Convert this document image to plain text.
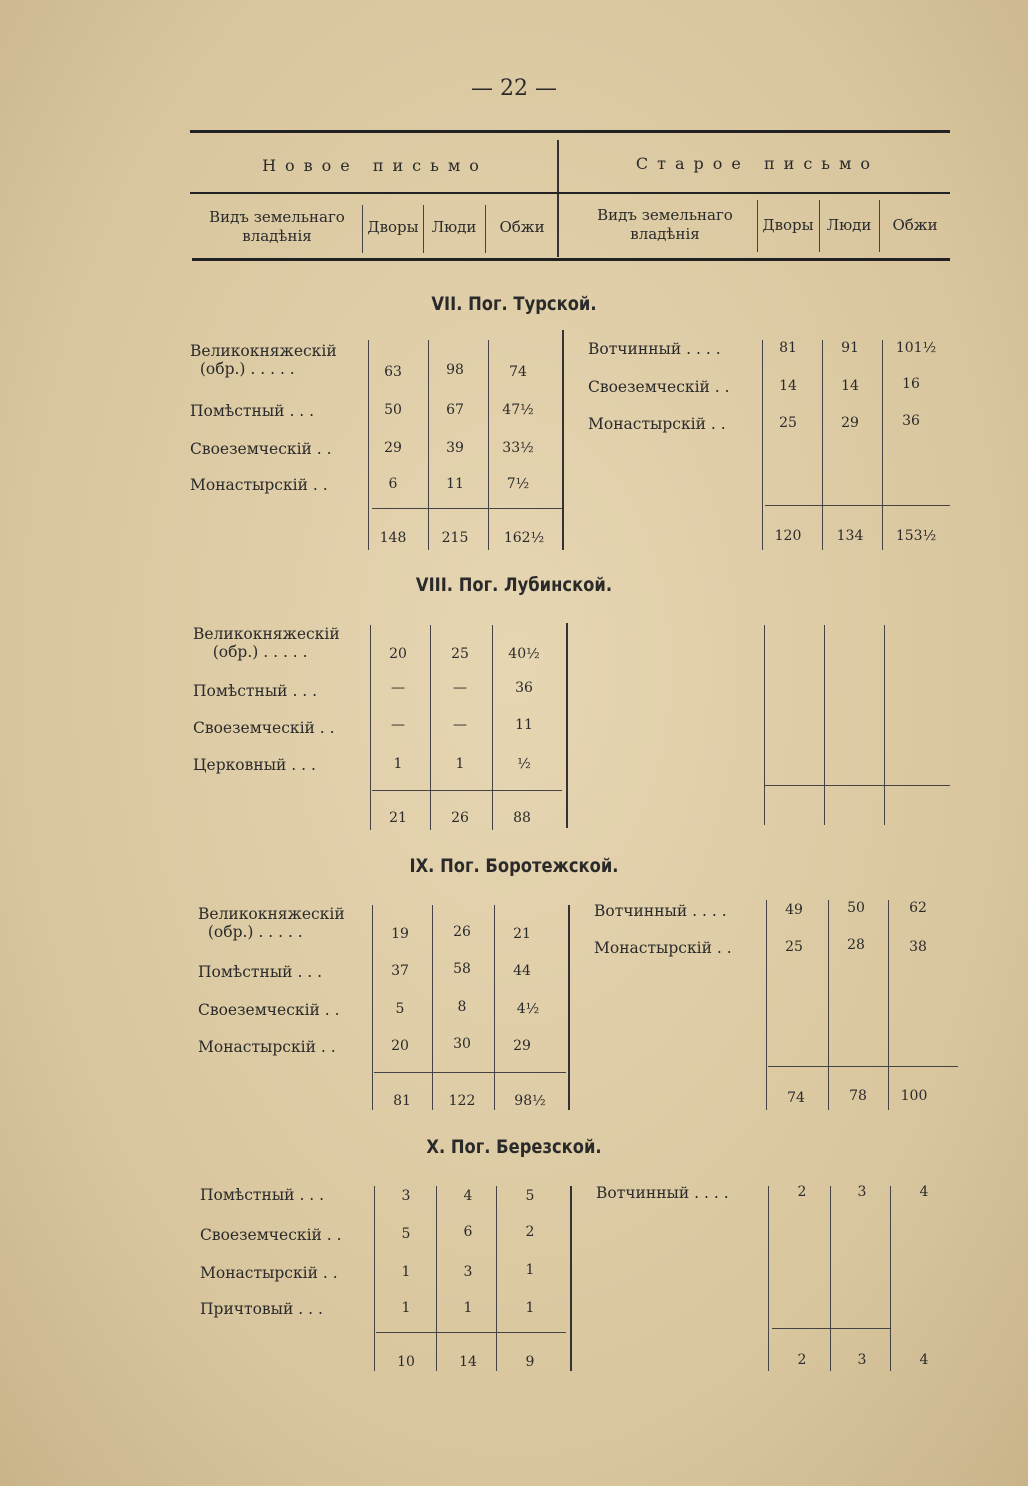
— 22 —
Новое письмо	Старое письмо
Видъ земельнаго владѣнія	Дворы Люди	Обжи
Видъ земельнаго владѣнія	Дворы Люди	Обжи
VII. Пог. Турской.
Великокняжескій
(обр.) . . . . .	63	98	74
Помѣстный . . .	50	67	47½
Своеземческій . .	29	39	33½
Монастырскій . .	6	11	7½
148	215	162½
Вотчинный . . . .	81	91	101½
Своеземческій . .	14	14	16
Монастырскій . .	25	29	36
120	134	153½
VIII. Пог. Лубинской.
Великокняжескій
(обр.) . . . . .	20	25	40½
Помѣстный . . .	—	—	36
Своеземческій . .	—	—	11
Церковный . . .	1	1	½
21	26	88
IX. Пог. Боротежской.
Великокняжескій
(обр.) . . . . .	19	26	21
Помѣстный . . .	37	58	44
Своеземческій . .	5	8	4½
Монастырскій . .	20	30	29
81	122	98½
Вотчинный . . . .	49	50	62
Монастырскій . .	25	28	38
74	78	100
X. Пог. Березской.
Помѣстный . . .	3	4	5
Своеземческій . .	5	6	2
Монастырскій . .	1	3	1
Причтовый . . .	1	1	1
10	14	9
Вотчинный . . . .	2	3	4
2	3	4
